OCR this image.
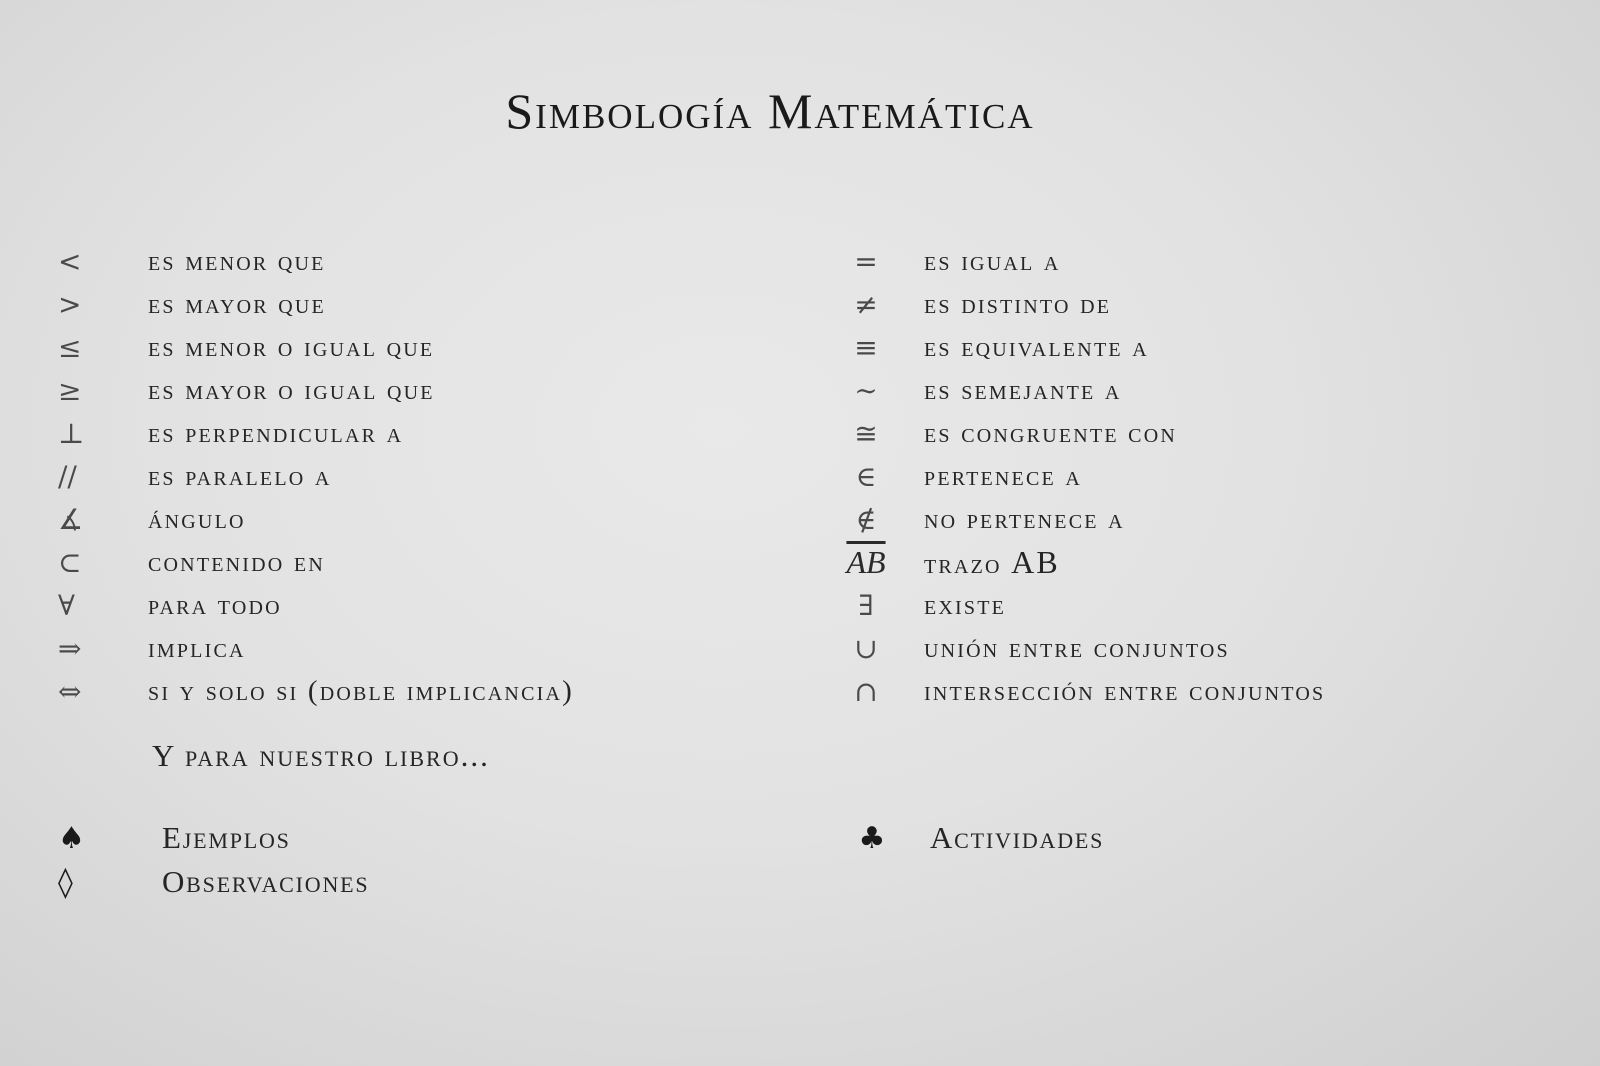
Simbología Matemática
<	es menor que
>	es mayor que
≤	es menor o igual que
≥	es mayor o igual que
⊥	es perpendicular a
//	es paralelo a
∡	ángulo
⊂	contenido en
∀	para todo
⇒	implica
⇔	si y solo si (doble implicancia)
=	es igual a
≠	es distinto de
≡	es equivalente a
∼	es semejante a
≅	es congruente con
∈	pertenece a
∉	no pertenece a
$\overline{AB}$	trazo AB
∃	existe
∪	unión entre conjuntos
∩	intersección entre conjuntos
Y para nuestro libro...
♠	Ejemplos
◊	Observaciones
♣	Actividades
